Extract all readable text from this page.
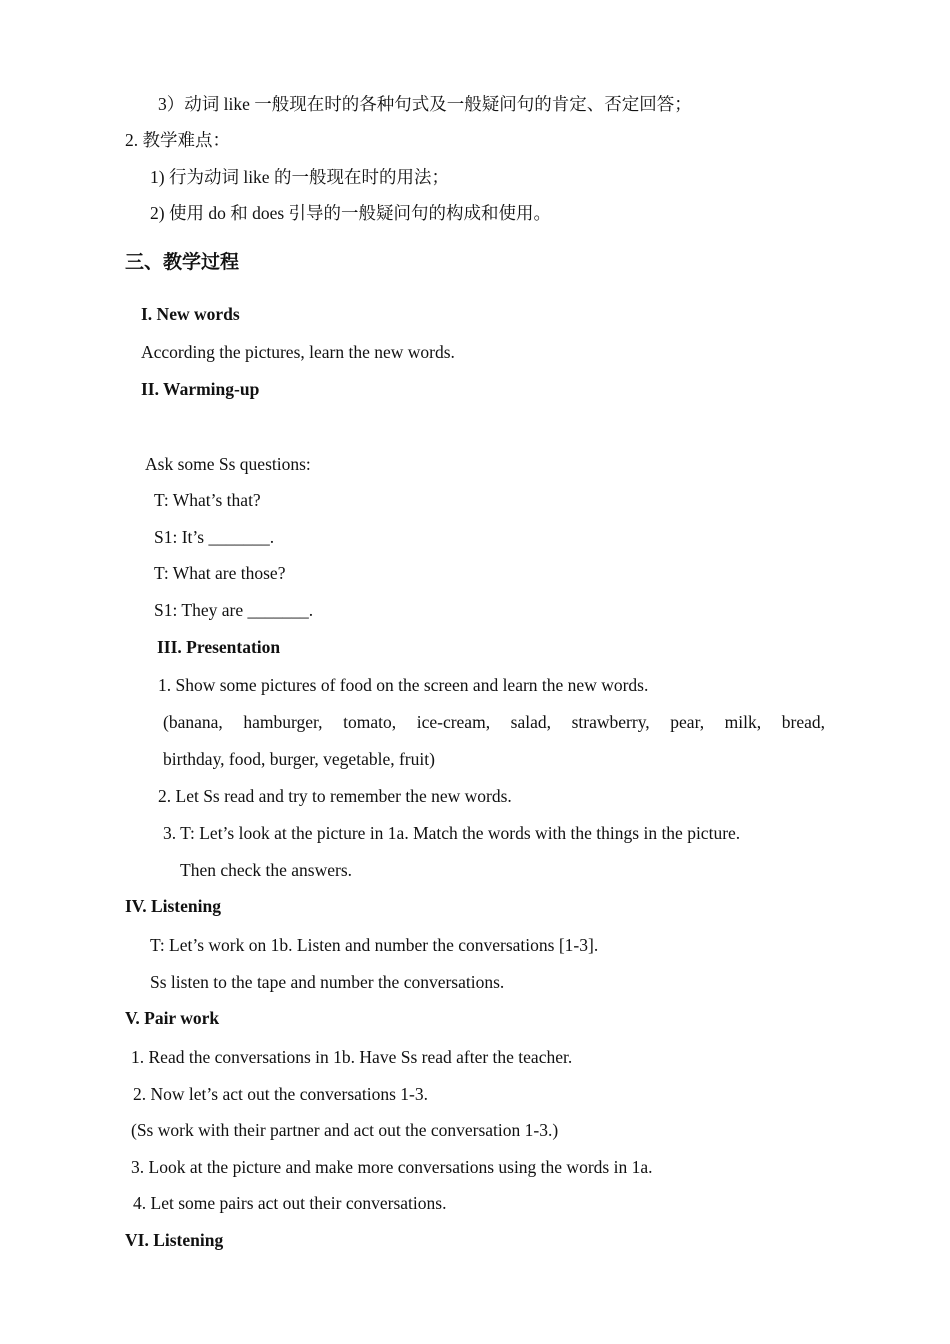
3）动词 like 一般现在时的各种句式及一般疑问句的肯定、否定回答；
2. 教学难点：
1) 行为动词 like 的一般现在时的用法；
2) 使用 do 和 does 引导的一般疑问句的构成和使用。
三、教学过程
I. New words
According the pictures, learn the new words.
II. Warming-up
Ask some Ss questions:
T: What’s that?
S1: It’s _______.
T: What are those?
S1: They are _______.
III. Presentation
1. Show some pictures of food on the screen and learn the new words.
(banana, hamburger, tomato, ice-cream, salad, strawberry, pear, milk, bread,
birthday, food, burger, vegetable, fruit)
2. Let Ss read and try to remember the new words.
3. T: Let’s look at the picture in 1a. Match the words with the things in the picture.
Then check the answers.
IV. Listening
T: Let’s work on 1b. Listen and number the conversations [1-3].
Ss listen to the tape and number the conversations.
V. Pair work
1. Read the conversations in 1b. Have Ss read after the teacher.
2. Now let’s act out the conversations 1-3.
(Ss work with their partner and act out the conversation 1-3.)
3. Look at the picture and make more conversations using the words in 1a.
4. Let some pairs act out their conversations.
VI. Listening
